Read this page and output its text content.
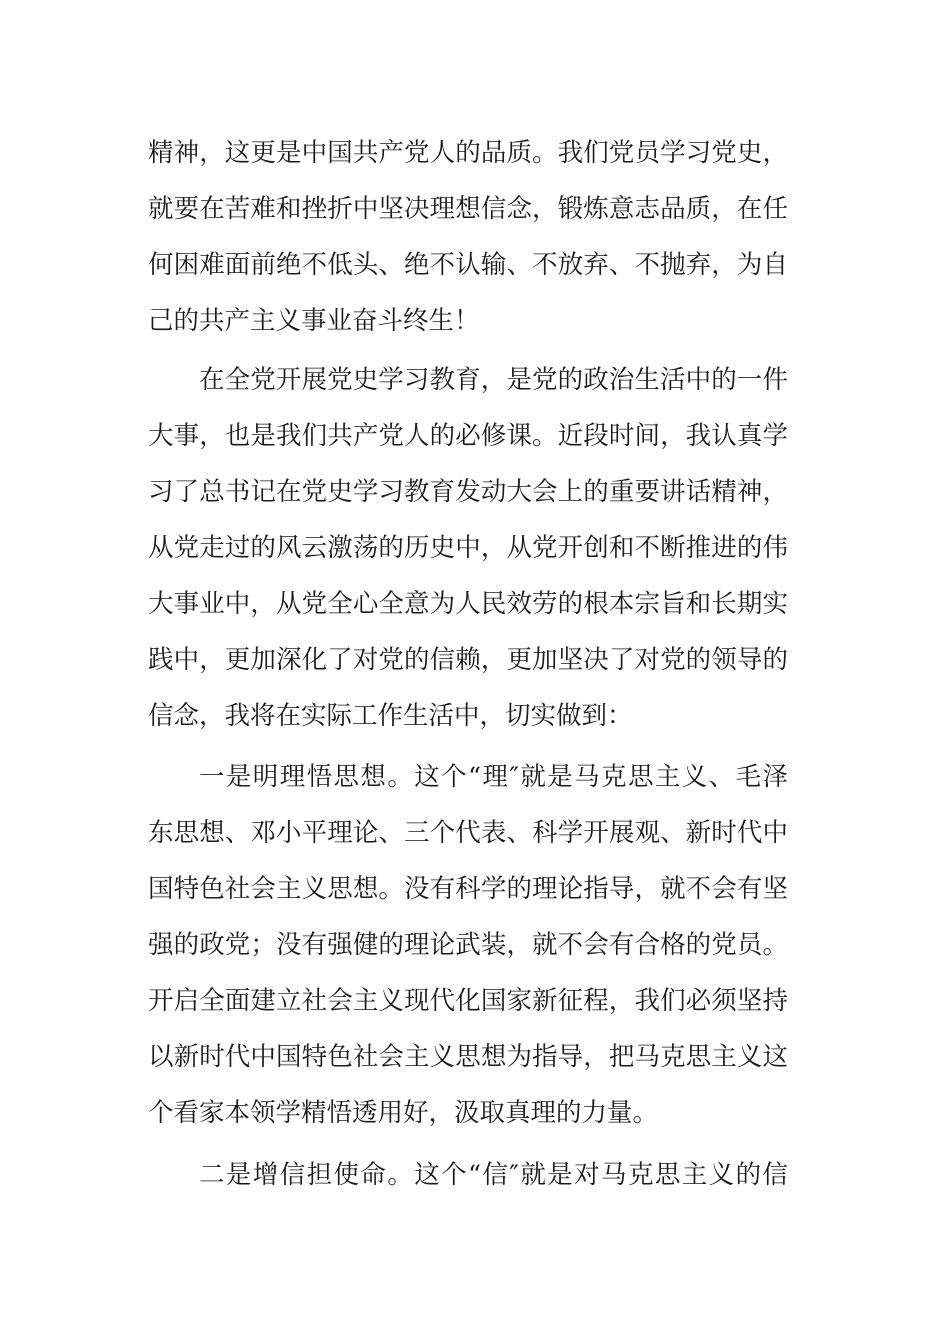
精神，这更是中国共产党人的品质。我们党员学习党史，
就要在苦难和挫折中坚决理想信念，锻炼意志品质，在任
何困难面前绝不低头、绝不认输、不放弃、不抛弃，为自
己的共产主义事业奋斗终生！
在全党开展党史学习教育，是党的政治生活中的一件
大事，也是我们共产党人的必修课。近段时间，我认真学
习了总书记在党史学习教育发动大会上的重要讲话精神，
从党走过的风云激荡的历史中，从党开创和不断推进的伟
大事业中，从党全心全意为人民效劳的根本宗旨和长期实
践中，更加深化了对党的信赖，更加坚决了对党的领导的
信念，我将在实际工作生活中，切实做到：
一是明理悟思想。这个“理″就是马克思主义、毛泽
东思想、邓小平理论、三个代表、科学开展观、新时代中
国特色社会主义思想。没有科学的理论指导，就不会有坚
强的政党；没有强健的理论武装，就不会有合格的党员。
开启全面建立社会主义现代化国家新征程，我们必须坚持
以新时代中国特色社会主义思想为指导，把马克思主义这
个看家本领学精悟透用好，汲取真理的力量。
二是增信担使命。这个“信″就是对马克思主义的信
